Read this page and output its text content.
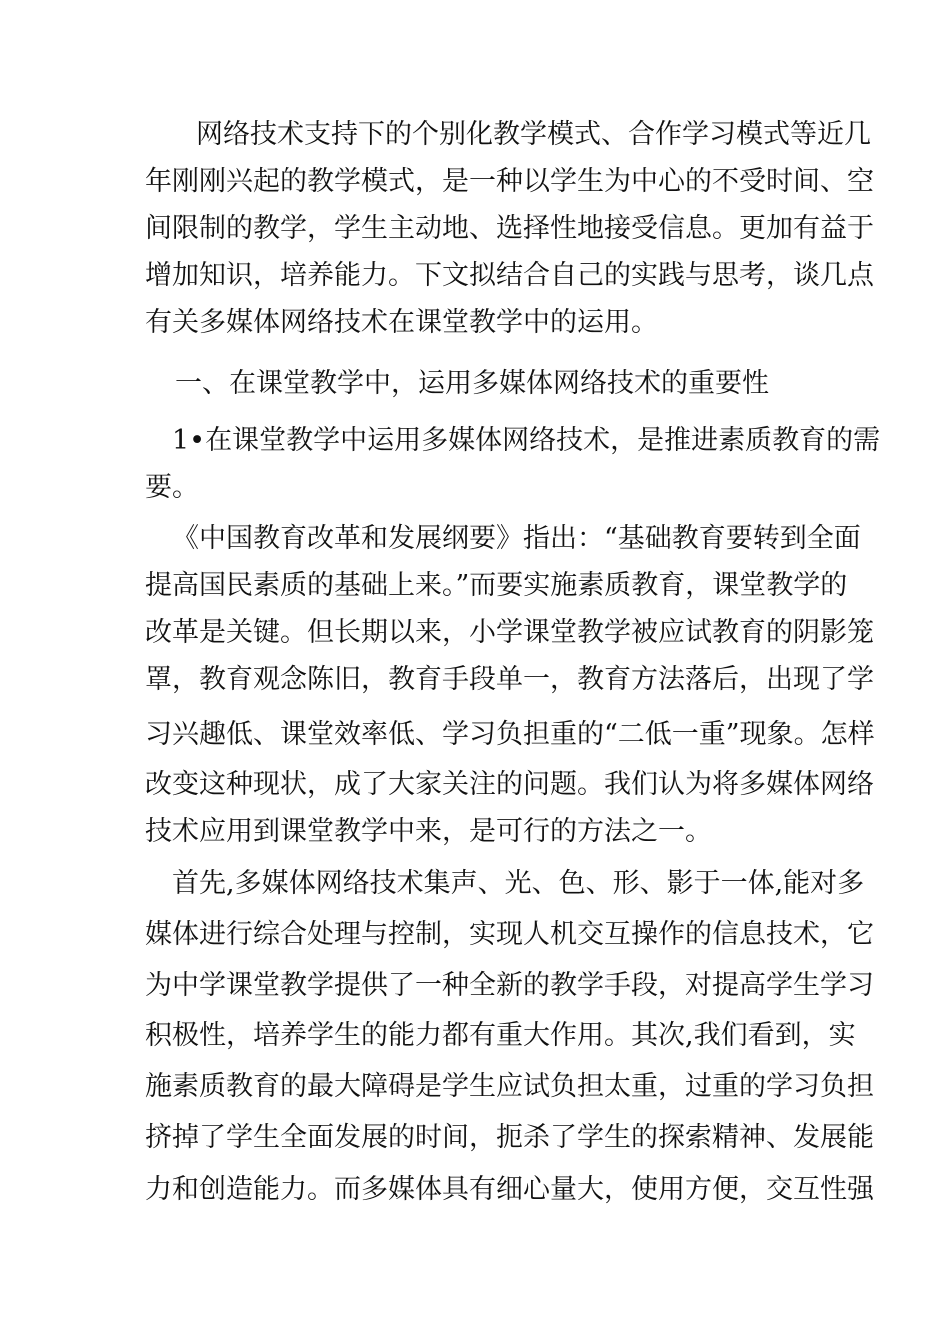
网络技术支持下的个别化教学模式、合作学习模式等近几
年刚刚兴起的教学模式，是一种以学生为中心的不受时间、空
间限制的教学，学生主动地、选择性地接受信息。更加有益于
增加知识，培养能力。下文拟结合自己的实践与思考，谈几点
有关多媒体网络技术在课堂教学中的运用。
一、在课堂教学中，运用多媒体网络技术的重要性
1•在课堂教学中运用多媒体网络技术，是推进素质教育的需
要。
《中国教育改革和发展纲要》指出：“基础教育要转到全面
提高国民素质的基础上来。”而要实施素质教育，课堂教学的
改革是关键。但长期以来，小学课堂教学被应试教育的阴影笼
罩，教育观念陈旧，教育手段单一，教育方法落后，出现了学
习兴趣低、课堂效率低、学习负担重的“二低一重”现象。怎样
改变这种现状，成了大家关注的问题。我们认为将多媒体网络
技术应用到课堂教学中来，是可行的方法之一。
首先,多媒体网络技术集声、光、色、形、影于一体,能对多
媒体进行综合处理与控制，实现人机交互操作的信息技术，它
为中学课堂教学提供了一种全新的教学手段，对提高学生学习
积极性，培养学生的能力都有重大作用。其次,我们看到，实
施素质教育的最大障碍是学生应试负担太重，过重的学习负担
挤掉了学生全面发展的时间，扼杀了学生的探索精神、发展能
力和创造能力。而多媒体具有细心量大，使用方便，交互性强
